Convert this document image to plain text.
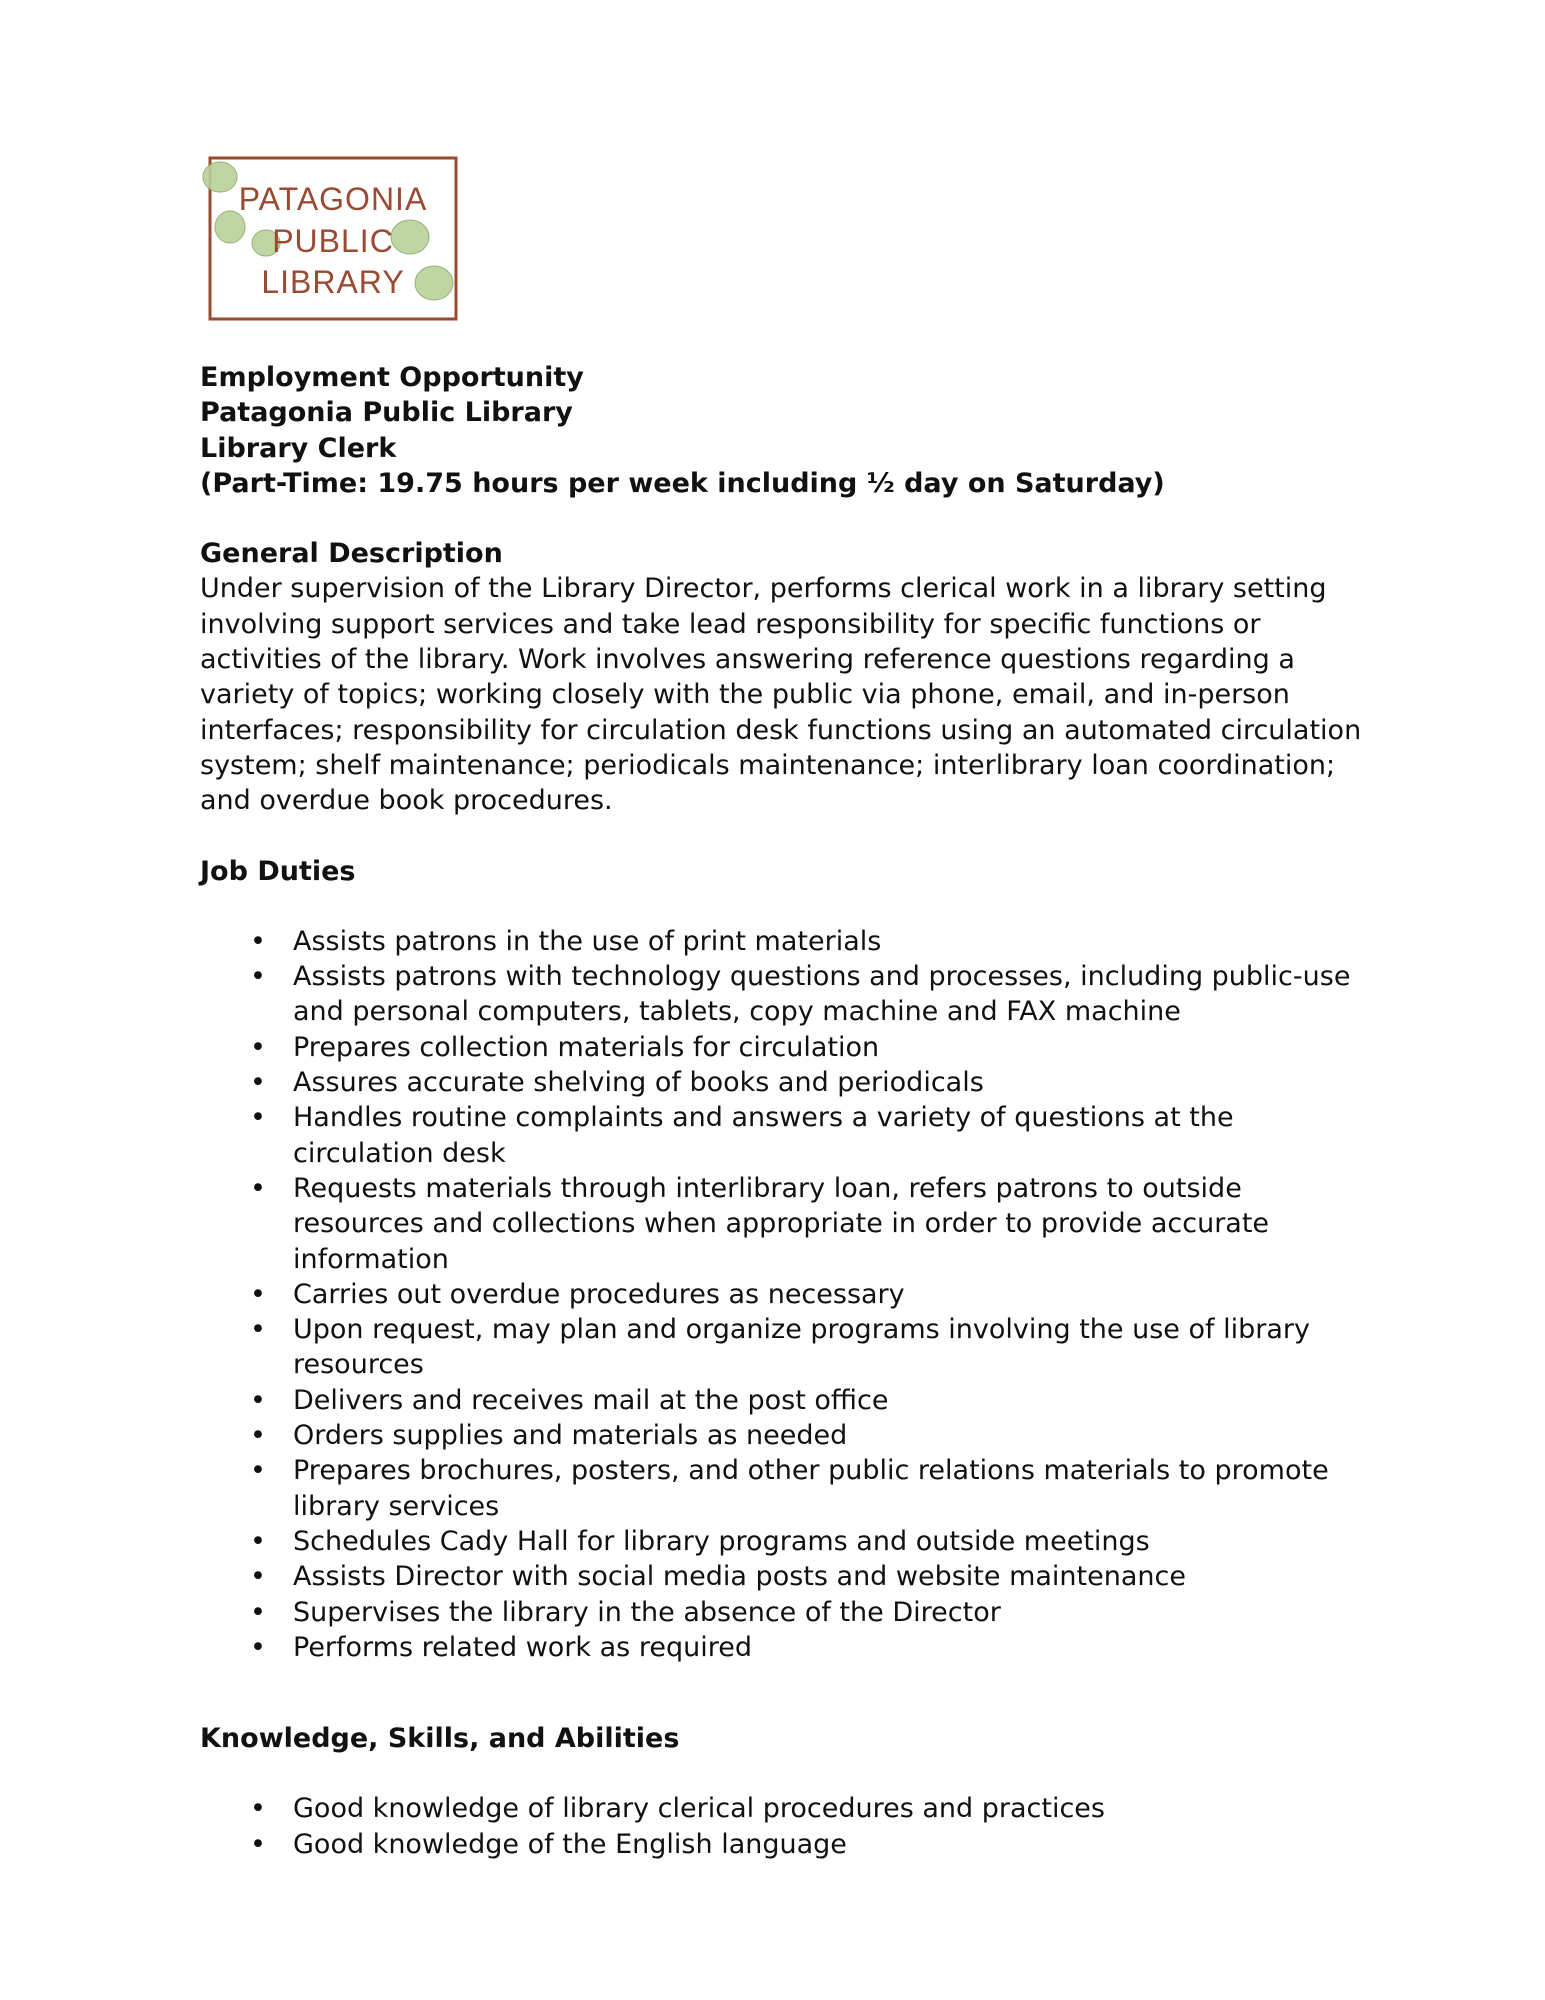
PATAGONIA
PUBLIC
LIBRARY
Employment Opportunity
Patagonia Public Library
Library Clerk
(Part-Time: 19.75 hours per week including ½ day on Saturday)
General Description

Under supervision of the Library Director, performs clerical work in a library setting involving support services and take lead responsibility for specific functions or activities of the library. Work involves answering reference questions regarding a variety of topics; working closely with the public via phone, email, and in-person interfaces; responsibility for circulation desk functions using an automated circulation system; shelf maintenance; periodicals maintenance; interlibrary loan coordination; and overdue book procedures.

Job Duties
• Assists patrons in the use of print materials
• Assists patrons with technology questions and processes, including public-use and personal computers, tablets, copy machine and FAX machine
• Prepares collection materials for circulation
• Assures accurate shelving of books and periodicals
• Handles routine complaints and answers a variety of questions at the circulation desk
• Requests materials through interlibrary loan, refers patrons to outside resources and collections when appropriate in order to provide accurate information
• Carries out overdue procedures as necessary
• Upon request, may plan and organize programs involving the use of library resources
• Delivers and receives mail at the post office
• Orders supplies and materials as needed
• Prepares brochures, posters, and other public relations materials to promote library services
• Schedules Cady Hall for library programs and outside meetings
• Assists Director with social media posts and website maintenance
• Supervises the library in the absence of the Director
• Performs related work as required
Knowledge, Skills, and Abilities
• Good knowledge of library clerical procedures and practices
• Good knowledge of the English language
